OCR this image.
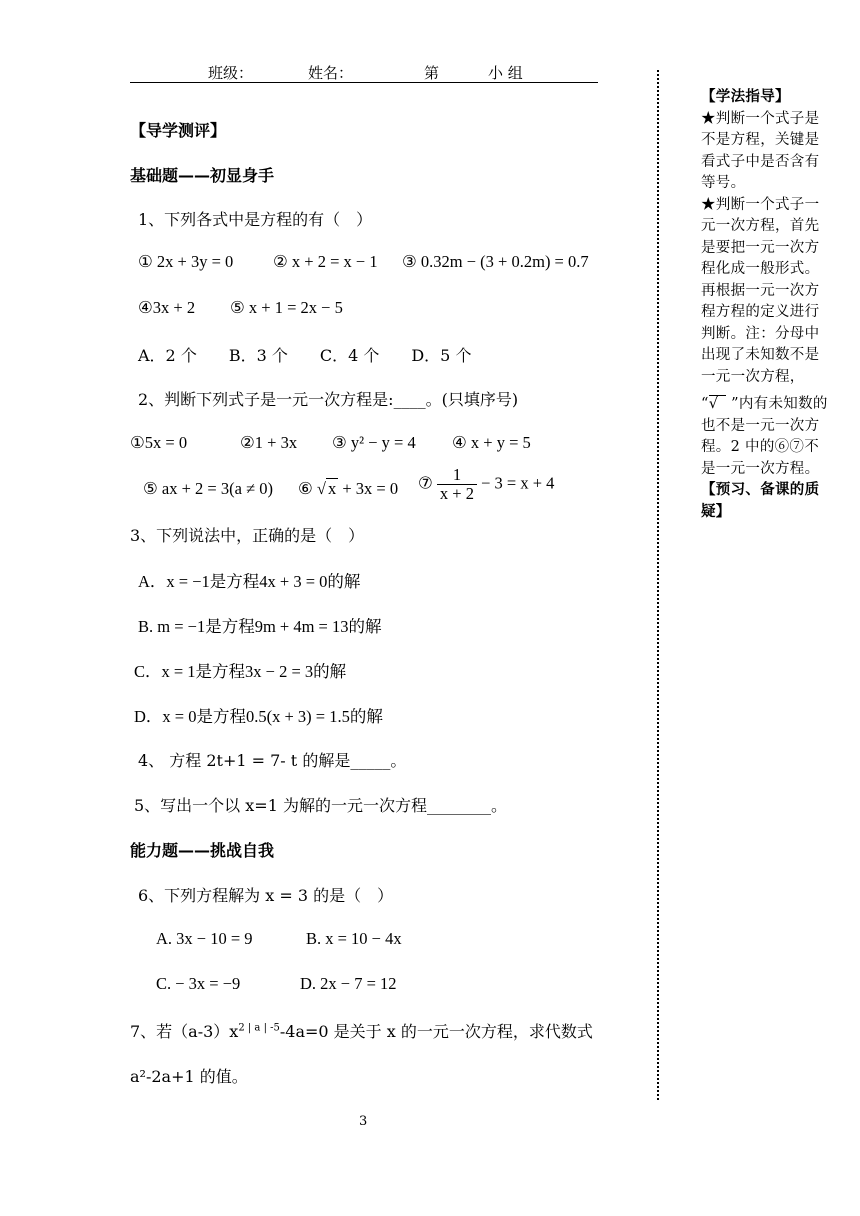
班级：	姓名：	第	小 组
【导学测评】
基础题——初显身手
1、下列各式中是方程的有（　）
① 2x + 3y = 0 ② x + 2 = x − 1 ③ 0.32m − (3 + 0.2m) = 0.7
④3x + 2 ⑤ x + 1 = 2x − 5
A．2 个　　B．3 个　　C．4 个　　D．5 个
2、判断下列式子是一元一次方程是:____。(只填序号)
①5x = 0	②1 + 3x ③ y² − y = 4 ④ x + y = 5
⑤ ax + 2 = 3(a ≠ 0) ⑥ √ x + 3x = 0 ⑦ $\frac{1}{x + 2} - 3 = x + 4$
3、下列说法中，正确的是（　）
A．x = −1是方程4x + 3 = 0的解
B. m = −1是方程9m + 4m = 13的解
C．x = 1是方程3x − 2 = 3的解
D．x = 0是方程0.5(x + 3) = 1.5的解
4、 方程 2t+1 = 7- t 的解是_____。
5、写出一个以 x=1 为解的一元一次方程________。
能力题——挑战自我
6、下列方程解为 x = 3 的是（　）
A. 3x − 10 = 9	B. x = 10 − 4x
C. − 3x = −9	D. 2x − 7 = 12
7、若$(a-3)x^{2 | a | -5}-4a=0$ 是关于 x 的一元一次方程，求代数式
a²-2a+1 的值。
3

【学法指导】

★判断一个式子是不是方程，关键是看式子中是否含有等号。

★判断一个式子一元一次方程，首先是要把一元一次方程化成一般形式。再根据一元一次方程方程的定义进行判断。注：分母中出现了未知数不是一元一次方程，

“√ ”内有未知数的也不是一元一次方程。2 中的⑥⑦不是一元一次方程。

【预习、备课的质疑】
